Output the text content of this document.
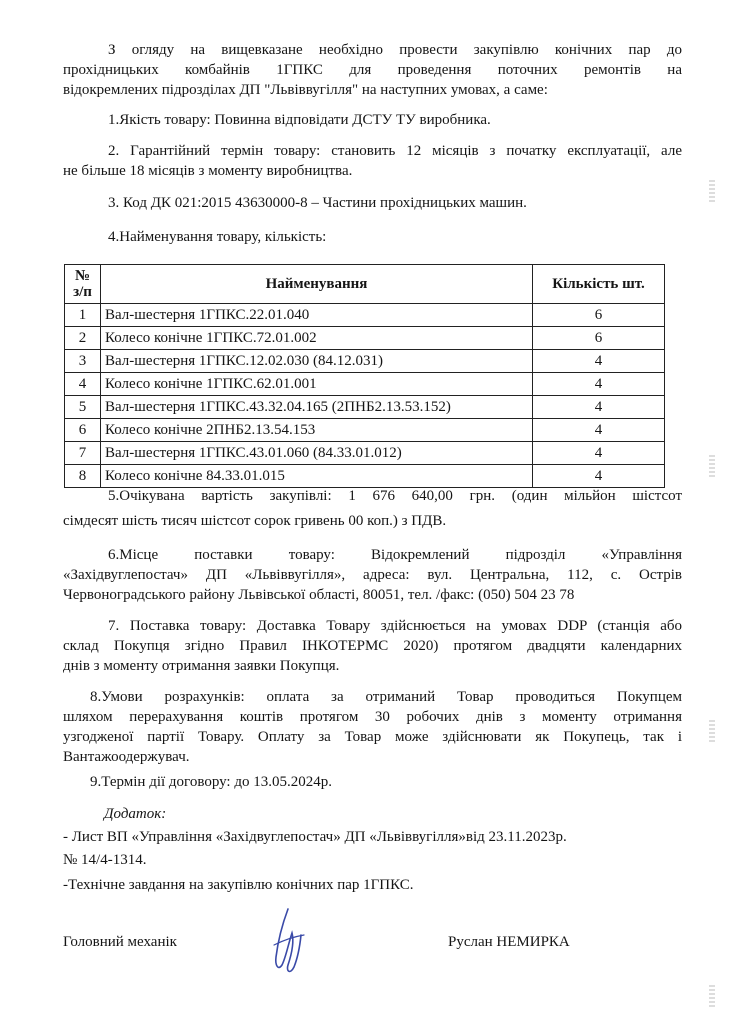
З огляду на вищевказане необхідно провести закупівлю конічних пар до
прохідницьких комбайнів 1ГПКС для проведення поточних ремонтів на
відокремлених підрозділах ДП "Львіввугілля" на наступних умовах, а саме:
1.Якість товару: Повинна відповідати ДСТУ ТУ виробника.
2. Гарантійний термін товару: становить 12 місяців з початку експлуатації, але
не більше 18 місяців з моменту виробництва.
3. Код ДК 021:2015 43630000-8 – Частини прохідницьких машин.
4.Найменування товару, кількість:
№ з/п	Найменування	Кількість шт.
1	Вал-шестерня 1ГПКС.22.01.040	6
2	Колесо конічне 1ГПКС.72.01.002	6
3	Вал-шестерня 1ГПКС.12.02.030 (84.12.031)	4
4	Колесо конічне 1ГПКС.62.01.001	4
5	Вал-шестерня 1ГПКС.43.32.04.165 (2ПНБ2.13.53.152)	4
6	Колесо конічне 2ПНБ2.13.54.153	4
7	Вал-шестерня 1ГПКС.43.01.060 (84.33.01.012)	4
8	Колесо конічне 84.33.01.015	4
5.Очікувана вартість закупівлі: 1 676 640,00 грн. (один мільйон шістсот
сімдесят шість тисяч шістсот сорок гривень 00 коп.) з ПДВ.
6.Місце поставки товару: Відокремлений підрозділ «Управління
«Західвуглепостач» ДП «Львіввугілля», адреса: вул. Центральна, 112, с. Острів
Червоноградського району Львівської області, 80051, тел. /факс: (050) 504 23 78
7. Поставка товару: Доставка Товару здійснюється на умовах DDP (станція або
склад Покупця згідно Правил ІНКОТЕРМС 2020) протягом двадцяти календарних
днів з моменту отримання заявки Покупця.
8.Умови розрахунків: оплата за отриманий Товар проводиться Покупцем
шляхом перерахування коштів протягом 30 робочих днів з моменту отримання
узгодженої партії Товару. Оплату за Товар може здійснювати як Покупець, так і
Вантажоодержувач.
9.Термін дії договору: до 13.05.2024р.
Додаток:
- Лист ВП «Управління «Західвуглепостач» ДП «Львіввугілля»від 23.11.2023р.
№ 14/4-1314.
-Технічне завдання на закупівлю конічних пар 1ГПКС.
Головний механік	Руслан НЕМИРКА
